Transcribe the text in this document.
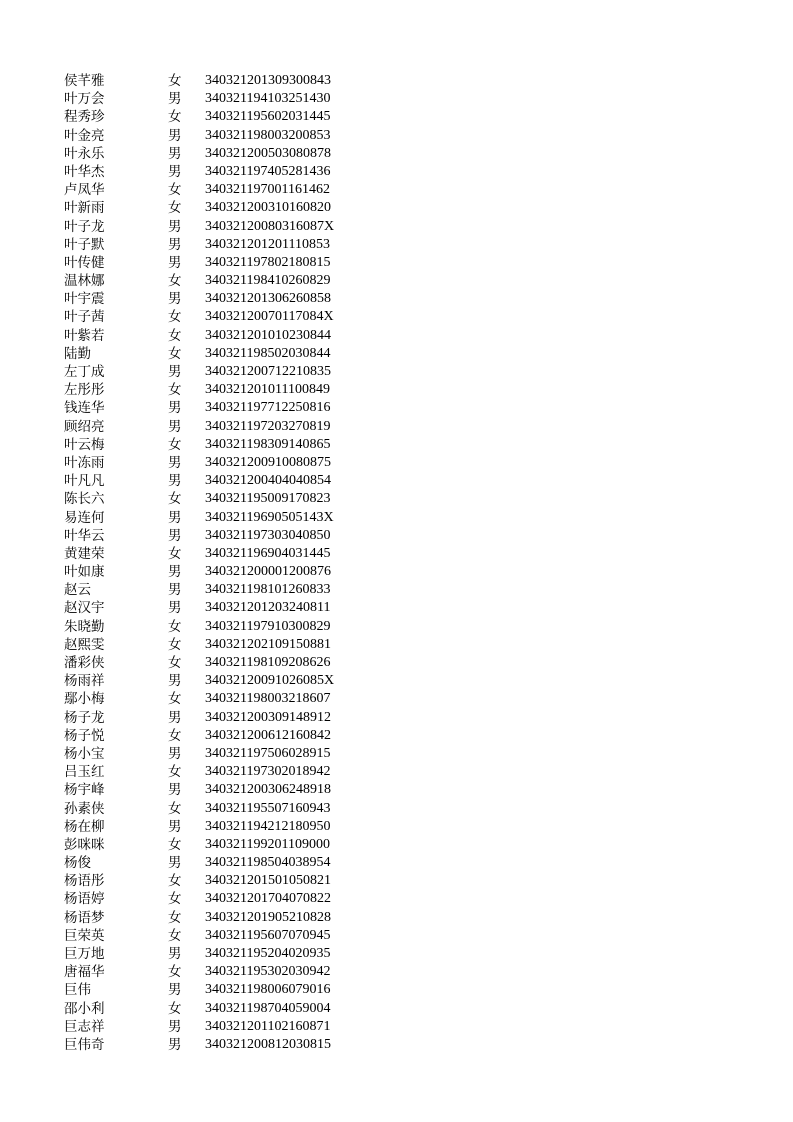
侯芊雅	女 340321201309300843
叶万会	男 340321194103251430
程秀珍	女 340321195602031445
叶金亮	男 340321198003200853
叶永乐	男 340321200503080878
叶华杰	男 340321197405281436
卢凤华	女 340321197001161462
叶新雨	女 340321200310160820
叶子龙	男 34032120080316087X
叶子默	男 340321201201110853
叶传健	男 340321197802180815
温林娜	女 340321198410260829
叶宇震	男 340321201306260858
叶子茜	女 34032120070117084X
叶紫若	女 340321201010230844
陆勤	女 340321198502030844
左丁成	男 340321200712210835
左彤彤	女 340321201011100849
钱连华	男 340321197712250816
顾绍亮	男 340321197203270819
叶云梅	女 340321198309140865
叶冻雨	男 340321200910080875
叶凡凡	男 340321200404040854
陈长六	女 340321195009170823
易连何	男 34032119690505143X
叶华云	男 340321197303040850
黄建荣	女 340321196904031445
叶如康	男 340321200001200876
赵云	男 340321198101260833
赵汉宇	男 340321201203240811
朱晓勤	女 340321197910300829
赵熙雯	女 340321202109150881
潘彩侠	女 340321198109208626
杨雨祥	男 34032120091026085X
鄢小梅	女 340321198003218607
杨子龙	男 340321200309148912
杨子悦	女 340321200612160842
杨小宝	男 340321197506028915
吕玉红	女 340321197302018942
杨宇峰	男 340321200306248918
孙素侠	女 340321195507160943
杨在柳	男 340321194212180950
彭咪咪	女 340321199201109000
杨俊	男 340321198504038954
杨语彤	女 340321201501050821
杨语婷	女 340321201704070822
杨语梦	女 340321201905210828
巨荣英	女 340321195607070945
巨万地	男 340321195204020935
唐福华	女 340321195302030942
巨伟	男 340321198006079016
邵小利	女 340321198704059004
巨志祥	男 340321201102160871
巨伟奇	男 340321200812030815
